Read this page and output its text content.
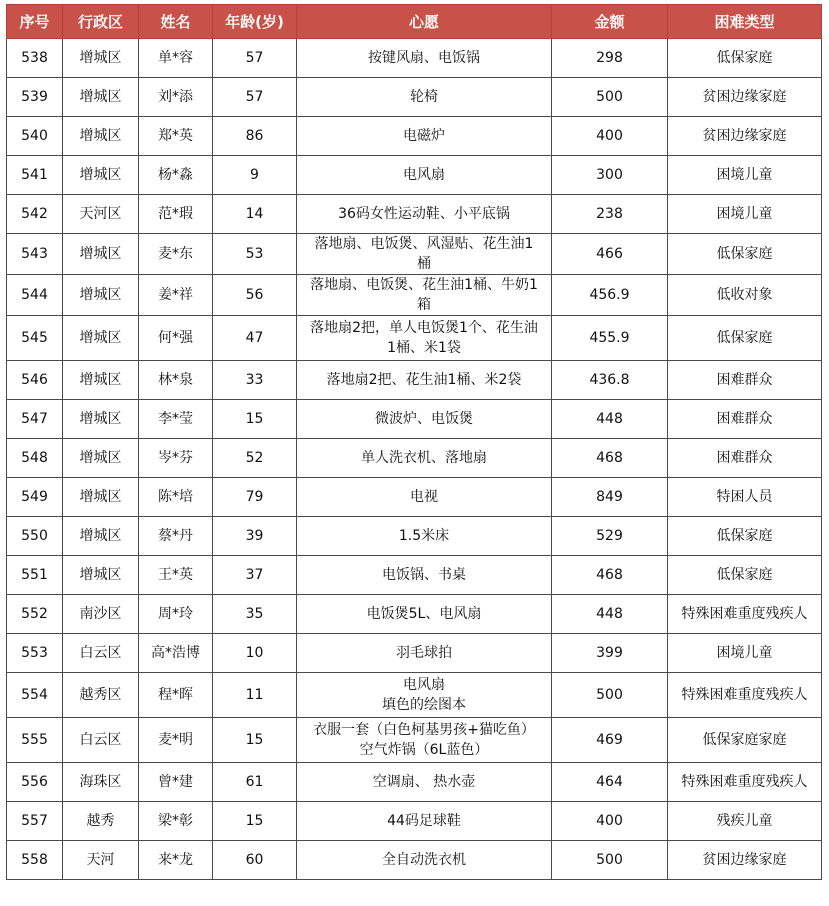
序号	行政区	姓名	年龄(岁)	心愿	金额	困难类型
538	增城区	单*容	57	按键风扇、电饭锅	298	低保家庭
539	增城区	刘*添	57	轮椅	500	贫困边缘家庭
540	增城区	郑*英	86	电磁炉	400	贫困边缘家庭
541	增城区	杨*淼	9	电风扇	300	困境儿童
542	天河区	范*瑕	14	36码女性运动鞋、小平底锅	238	困境儿童
543	增城区	麦*东	53	落地扇、电饭煲、风湿贴、花生油1
桶	466	低保家庭
544	增城区	姜*祥	56	落地扇、电饭煲、花生油1桶、牛奶1
箱	456.9	低收对象
545	增城区	何*强	47	落地扇2把，单人电饭煲1个、花生油
1桶、米1袋	455.9	低保家庭
546	增城区	林*泉	33	落地扇2把、花生油1桶、米2袋	436.8	困难群众
547	增城区	李*莹	15	微波炉、电饭煲	448	困难群众
548	增城区	岑*芬	52	单人洗衣机、落地扇	468	困难群众
549	增城区	陈*培	79	电视	849	特困人员
550	增城区	蔡*丹	39	1.5米床	529	低保家庭
551	增城区	王*英	37	电饭锅、书桌	468	低保家庭
552	南沙区	周*玲	35	电饭煲5L、电风扇	448	特殊困难重度残疾人
553	白云区	高*浩博	10	羽毛球拍	399	困境儿童
554	越秀区	程*晖	11	电风扇
填色的绘图本	500	特殊困难重度残疾人
555	白云区	麦*明	15	衣服一套（白色柯基男孩+猫吃鱼）
空气炸锅（6L蓝色）	469	低保家庭家庭
556	海珠区	曾*建	61	空调扇、 热水壶	464	特殊困难重度残疾人
557	越秀	梁*彰	15	44码足球鞋	400	残疾儿童
558	天河	来*龙	60	全自动洗衣机	500	贫困边缘家庭
